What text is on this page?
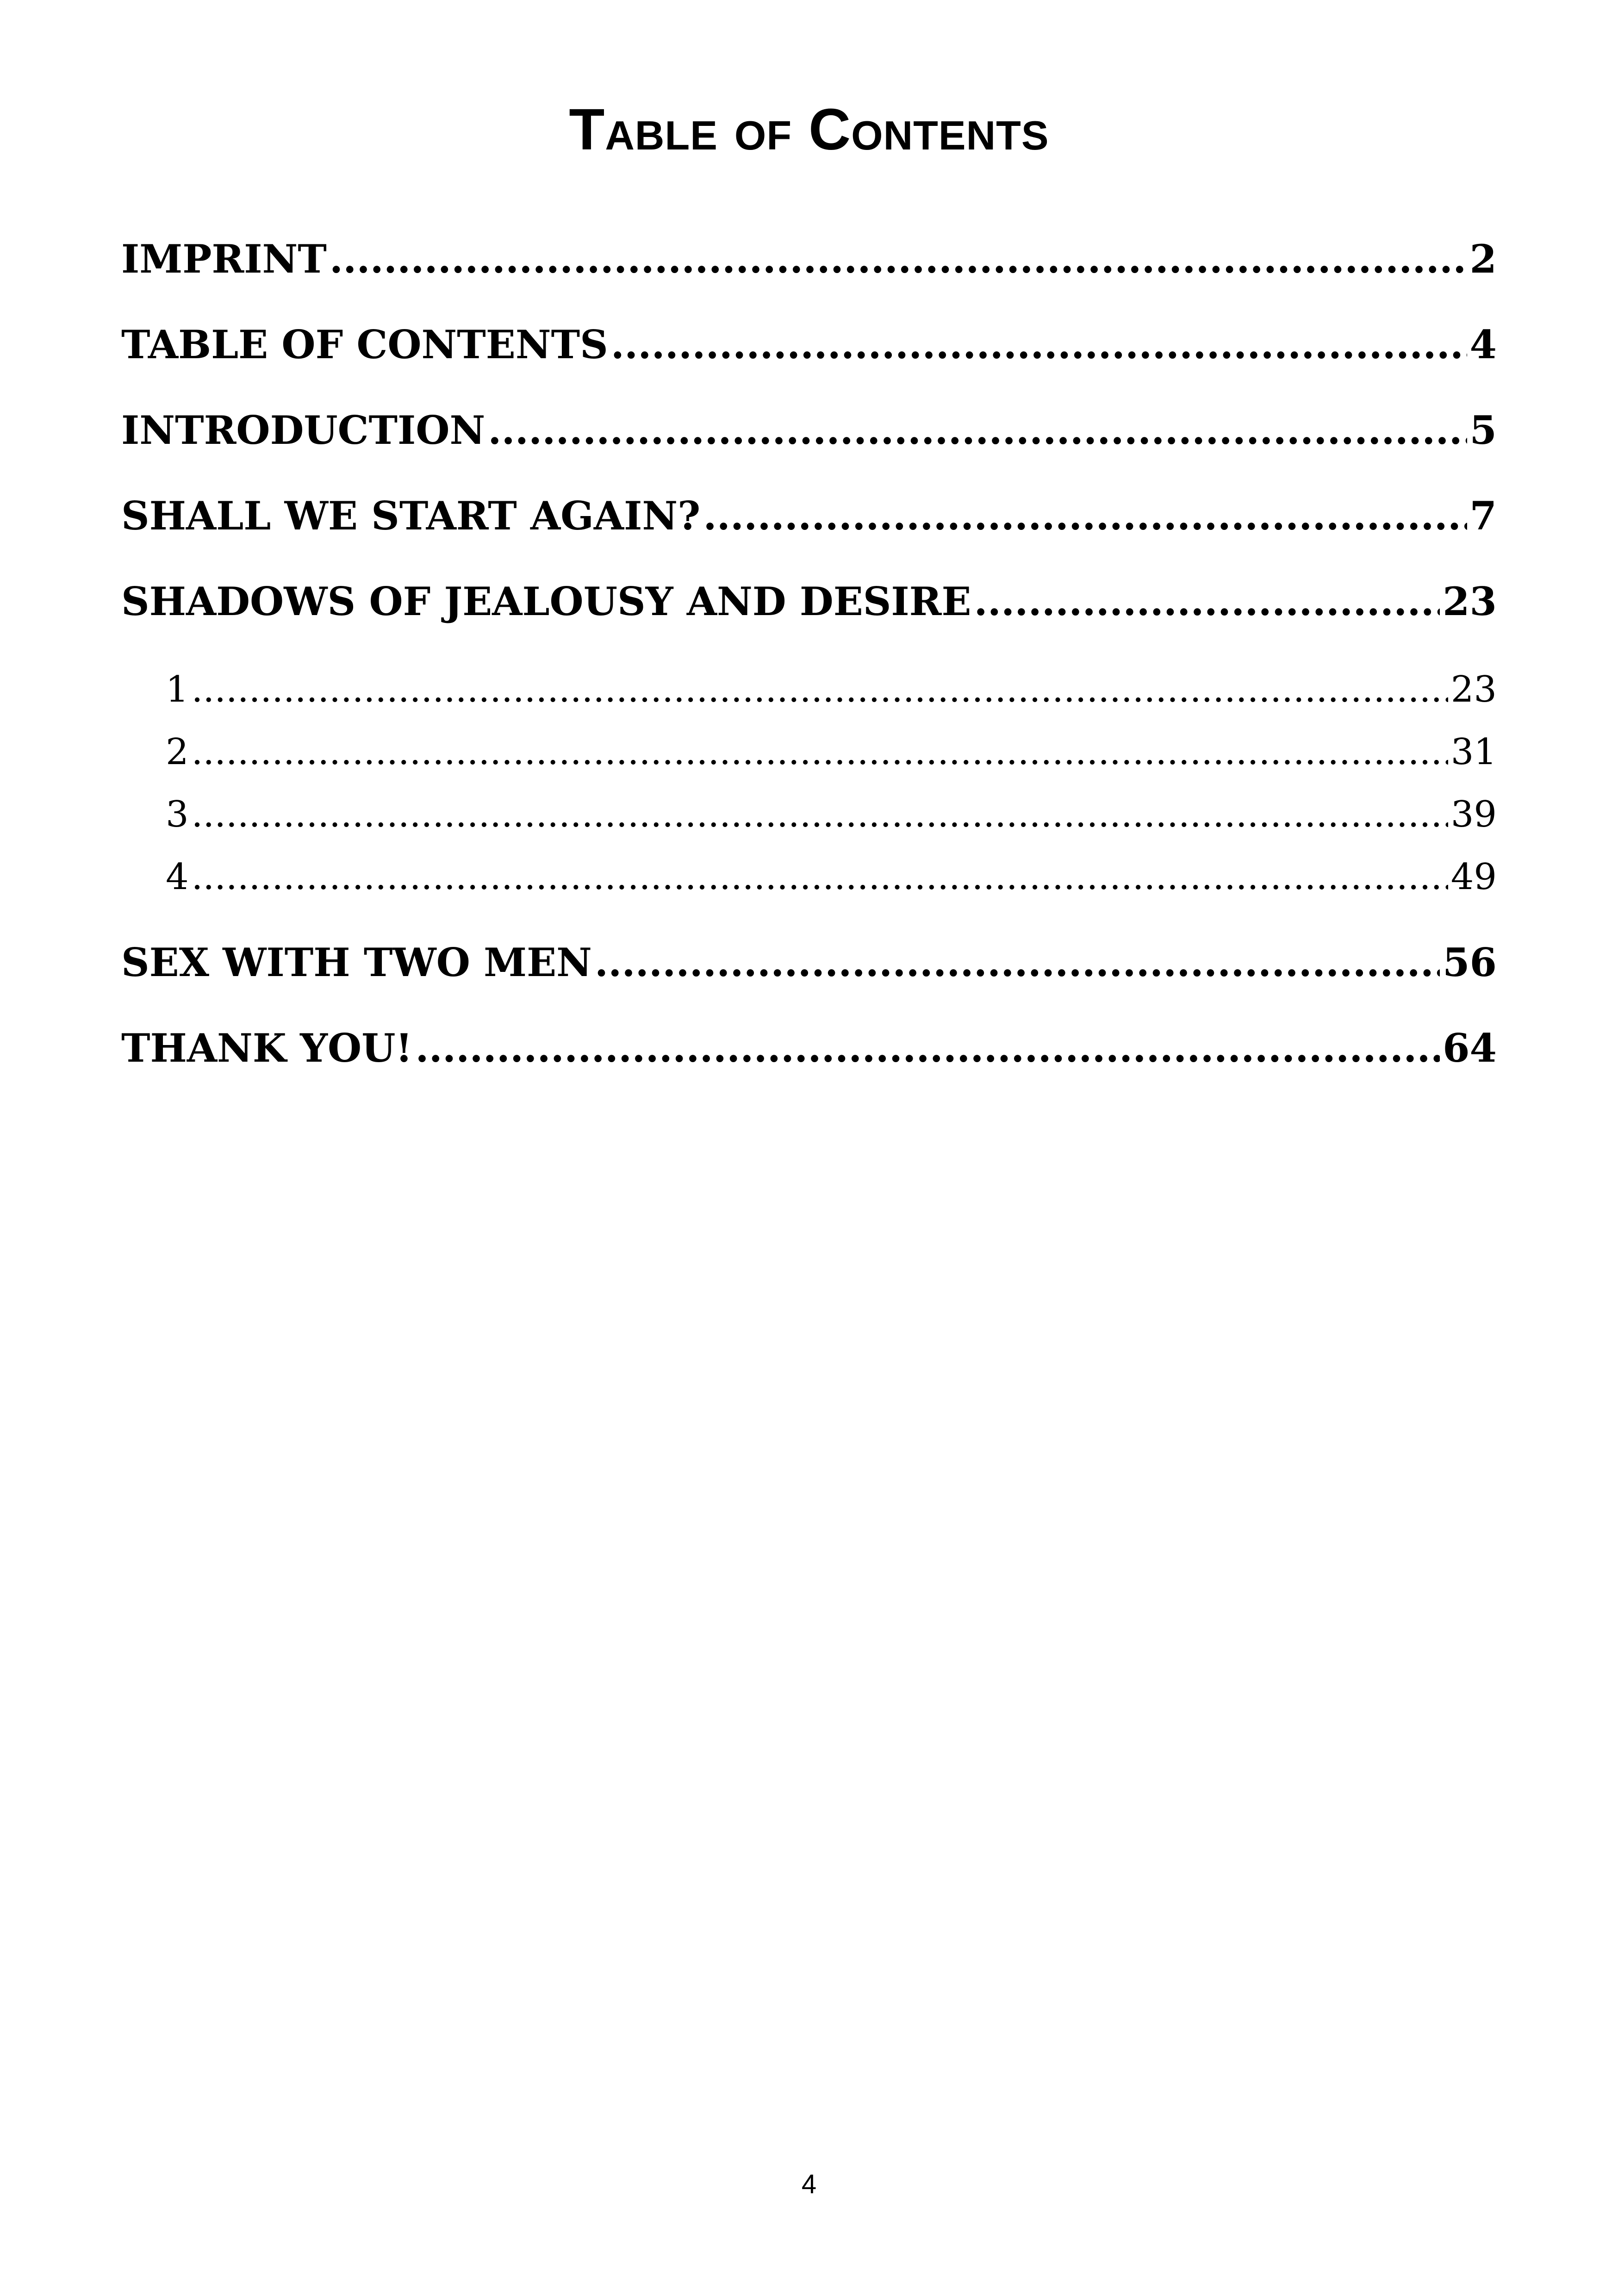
Table of Contents
IMPRINT .....	2
TABLE OF CONTENTS .....	4
INTRODUCTION .....	5
SHALL WE START AGAIN? .....	7
SHADOWS OF JEALOUSY AND DESIRE .....	23
1 .....	23
2 .....	31
3 .....	39
4 .....	49
SEX WITH TWO MEN .....	56
THANK YOU! .....	64
4
